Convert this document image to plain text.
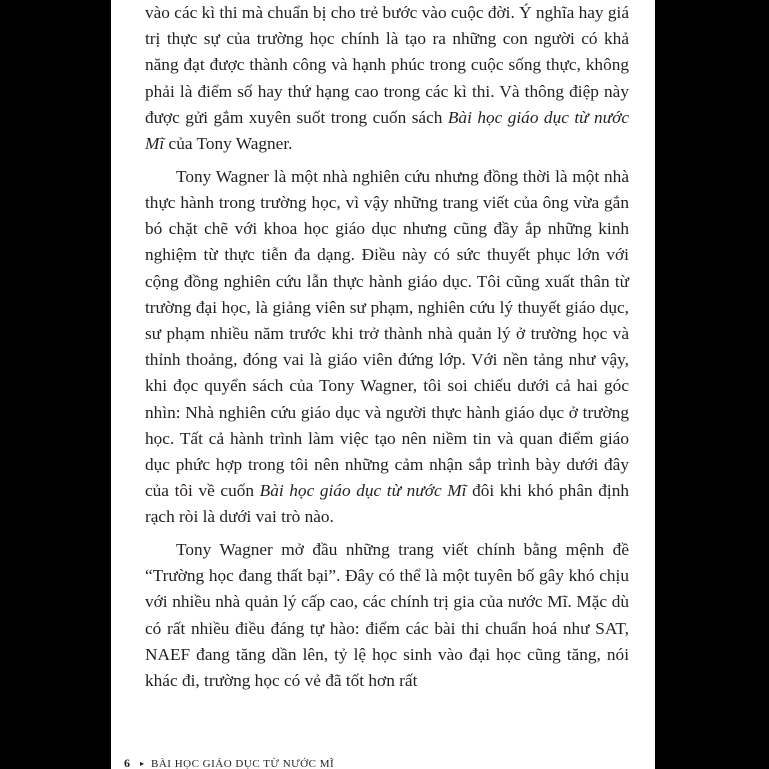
vào các kì thi mà chuẩn bị cho trẻ bước vào cuộc đời. Ý nghĩa hay giá trị thực sự của trường học chính là tạo ra những con người có khả năng đạt được thành công và hạnh phúc trong cuộc sống thực, không phải là điểm số hay thứ hạng cao trong các kì thi. Và thông điệp này được gửi gắm xuyên suốt trong cuốn sách Bài học giáo dục từ nước Mĩ của Tony Wagner.

Tony Wagner là một nhà nghiên cứu nhưng đồng thời là một nhà thực hành trong trường học, vì vậy những trang viết của ông vừa gắn bó chặt chẽ với khoa học giáo dục nhưng cũng đầy ắp những kinh nghiệm từ thực tiễn đa dạng. Điều này có sức thuyết phục lớn với cộng đồng nghiên cứu lẫn thực hành giáo dục. Tôi cũng xuất thân từ trường đại học, là giảng viên sư phạm, nghiên cứu lý thuyết giáo dục, sư phạm nhiều năm trước khi trở thành nhà quản lý ở trường học và thỉnh thoảng, đóng vai là giáo viên đứng lớp. Với nền tảng như vậy, khi đọc quyển sách của Tony Wagner, tôi soi chiếu dưới cả hai góc nhìn: Nhà nghiên cứu giáo dục và người thực hành giáo dục ở trường học. Tất cả hành trình làm việc tạo nên niềm tin và quan điểm giáo dục phức hợp trong tôi nên những cảm nhận sắp trình bày dưới đây của tôi về cuốn Bài học giáo dục từ nước Mĩ đôi khi khó phân định rạch ròi là dưới vai trò nào.

Tony Wagner mở đầu những trang viết chính bằng mệnh đề “Trường học đang thất bại”. Đây có thể là một tuyên bố gây khó chịu với nhiều nhà quản lý cấp cao, các chính trị gia của nước Mĩ. Mặc dù có rất nhiều điều đáng tự hào: điểm các bài thi chuẩn hoá như SAT, NAEF đang tăng dần lên, tỷ lệ học sinh vào đại học cũng tăng, nói khác đi, trường học có vẻ đã tốt hơn rất

6 ▸ BÀI HỌC GIÁO DỤC TỪ NƯỚC MĨ
